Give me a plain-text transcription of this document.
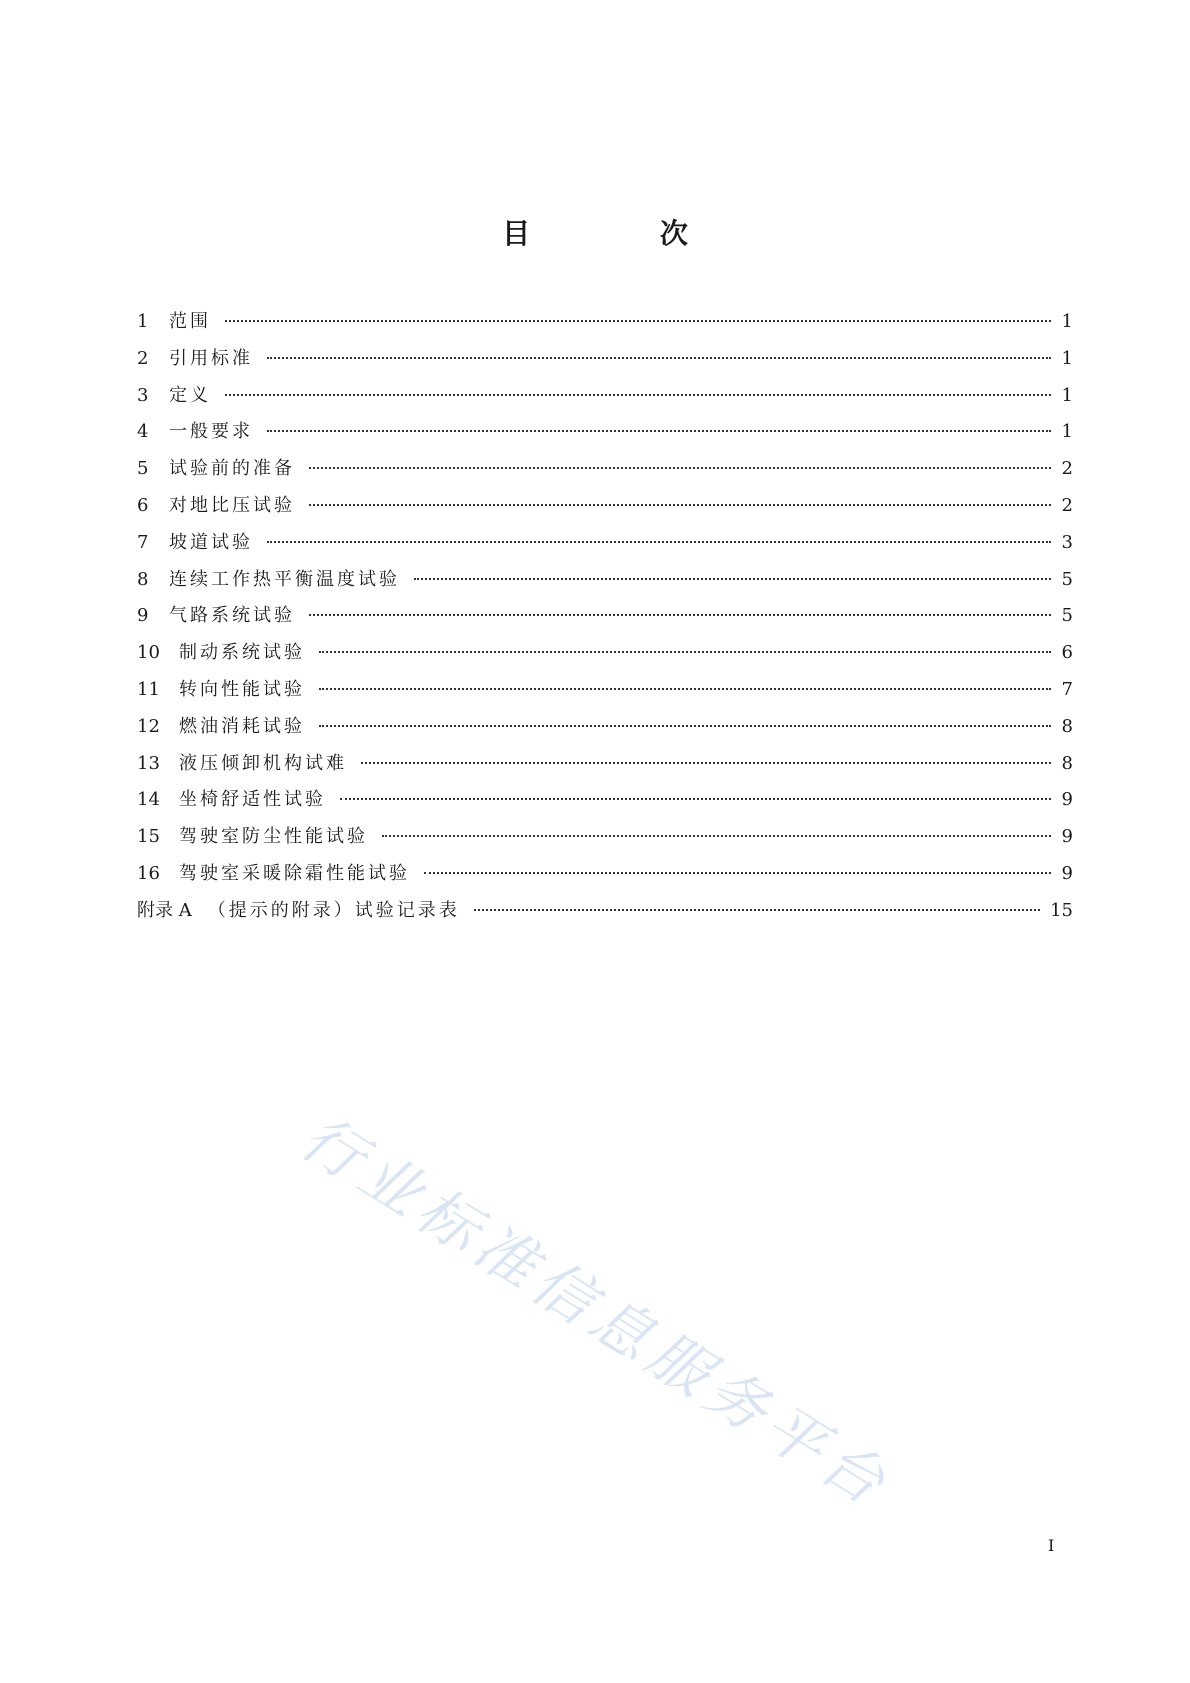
目 次
1	范围	1
2	引用标准	1
3	定义	1
4	一般要求	1
5	试验前的准备	2
6	对地比压试验	2
7	坡道试验	3
8	连续工作热平衡温度试验	5
9	气路系统试验	5
10	制动系统试验	6
11	转向性能试验	7
12	燃油消耗试验	8
13	液压倾卸机构试难	8
14	坐椅舒适性试验	9
15	驾驶室防尘性能试验	9
16	驾驶室采暖除霜性能试验	9
附录 A （提示的附录）试验记录表	15
行业标准信息服务平台
I
